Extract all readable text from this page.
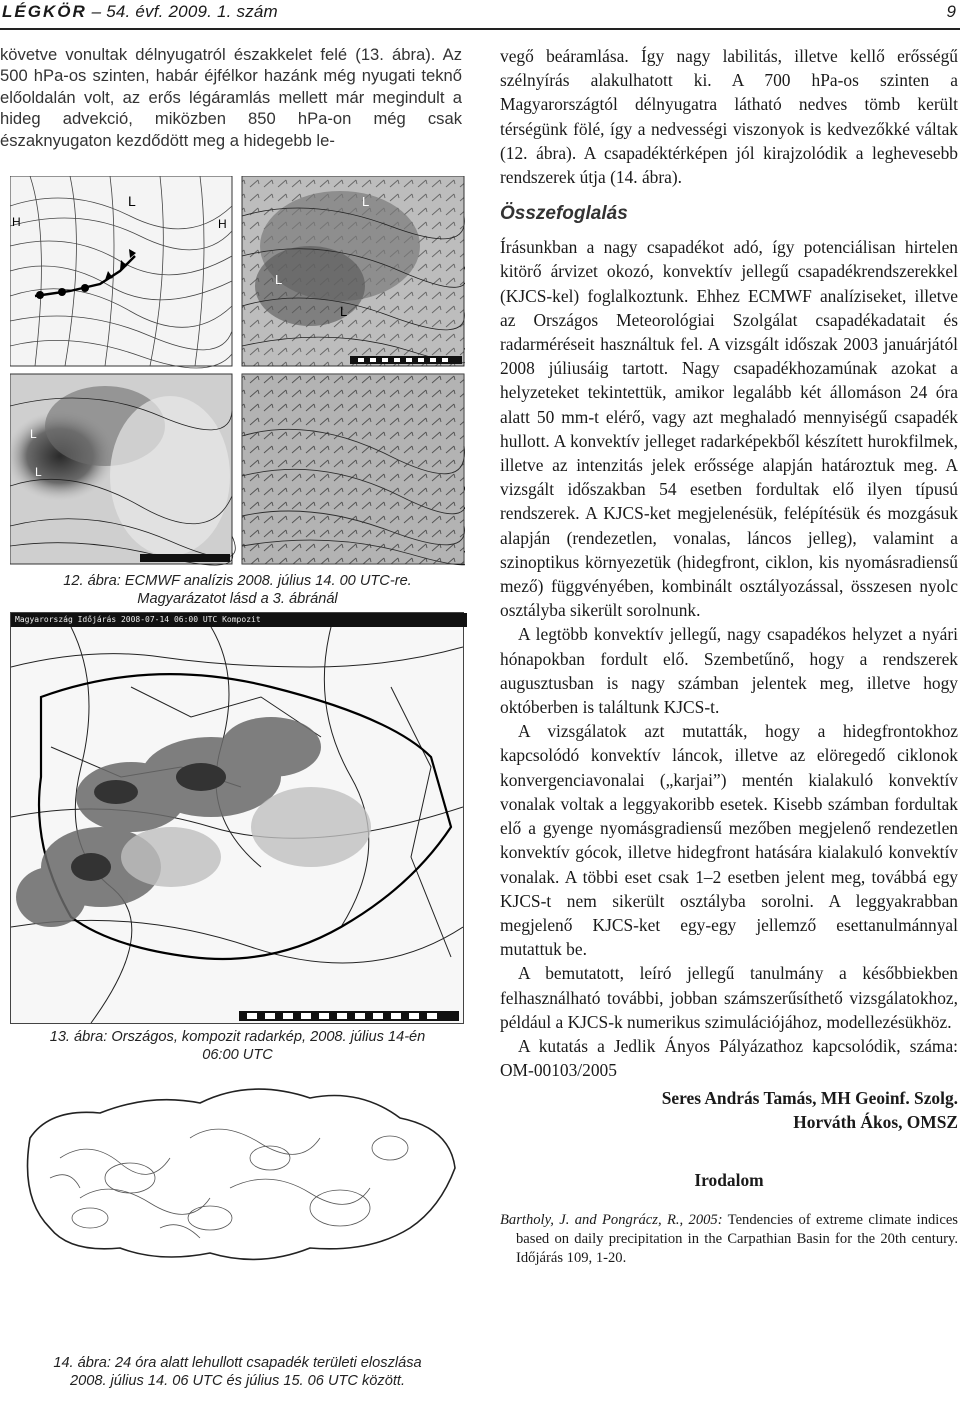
LÉGKÖR – 54. évf. 2009. 1. szám	9

követve vonultak délnyugatról északkelet felé (13. ábra). Az 500 hPa-os szinten, habár éjfélkor hazánk még nyugati teknő előoldalán volt, az erős légáramlás mellett már megindult a hideg advekció, miközben 850 hPa-on még csak északnyugaton kezdődött meg a hidegebb le-

L
H
H
L
L
L
L
L
12. ábra: ECMWF analízis 2008. július 14. 00 UTC-re.
Magyarázatot lásd a 3. ábránál
Magyarország Időjárás 2008-07-14 06:00 UTC Kompozit
13. ábra: Országos, kompozit radarkép, 2008. július 14-én
06:00 UTC
14. ábra: 24 óra alatt lehullott csapadék területi eloszlása
2008. július 14. 06 UTC és július 15. 06 UTC között.

vegő beáramlása. Így nagy labilitás, illetve kellő erősségű szélnyírás alakulhatott ki. A 700 hPa-os szinten a Magyarországtól délnyugatra látható nedves tömb került térségünk fölé, így a nedvességi viszonyok is kedvezőkké váltak (12. ábra). A csapadéktérképen jól kirajzolódik a leghevesebb rendszerek útja (14. ábra).

Összefoglalás

Írásunkban a nagy csapadékot adó, így potenciálisan hirtelen kitörő árvizet okozó, konvektív jellegű csapadékrendszerekkel (KJCS-kel) foglalkoztunk. Ehhez ECMWF analíziseket, illetve az Országos Meteorológiai Szolgálat csapadékadatait és radarméréseit használtuk fel. A vizsgált időszak 2003 januárjától 2008 júliusáig tartott. Nagy csapadékhozamúnak azokat a helyzeteket tekintettük, amikor legalább két állomáson 24 óra alatt 50 mm-t elérő, vagy azt meghaladó mennyiségű csapadék hullott. A konvektív jelleget radarképekből készített hurokfilmek, illetve az intenzitás jelek erőssége alapján határoztuk meg. A vizsgált időszakban 54 esetben fordultak elő ilyen típusú rendszerek. A KJCS-ket megjelenésük, felépítésük és mozgásuk alapján (rendezetlen, vonalas, láncos jelleg), valamint a szinoptikus környezetük (hidegfront, ciklon, kis nyomásradiensű mező) függvényében, kombinált osztályozással, összesen nyolc osztályba sikerült sorolnunk.

A legtöbb konvektív jellegű, nagy csapadékos helyzet a nyári hónapokban fordult elő. Szembetűnő, hogy a rendszerek augusztusban is nagy számban jelentek meg, illetve hogy októberben is találtunk KJCS-t.

A vizsgálatok azt mutatták, hogy a hidegfrontokhoz kapcsolódó konvektív láncok, illetve az elöregedő ciklonok konvergenciavonalai („karjai”) mentén kialakuló konvektív vonalak voltak a leggyakoribb esetek. Kisebb számban fordultak elő a gyenge nyomásgradiensű mezőben megjelenő rendezetlen konvektív gócok, illetve hidegfront hatására kialakuló konvektív vonalak. A többi eset csak 1–2 esetben jelent meg, továbbá egy KJCS-t nem sikerült osztályba sorolni. A leggyakrabban megjelenő KJCS-ket egy-egy jellemző esettanulmánnyal mutattuk be.

A bemutatott, leíró jellegű tanulmány a későbbiekben felhasználható további, jobban számszerűsíthető vizsgálatokhoz, például a KJCS-k numerikus szimulációjához, modellezésükhöz.

A kutatás a Jedlik Ányos Pályázathoz kapcsolódik, száma: OM-00103/2005

Seres András Tamás, MH Geoinf. Szolg.
Horváth Ákos, OMSZ
Irodalom
Bartholy, J. and Pongrácz, R., 2005: Tendencies of extreme climate indices based on daily precipitation in the Carpathian Basin for the 20th century. Időjárás 109, 1-20.
